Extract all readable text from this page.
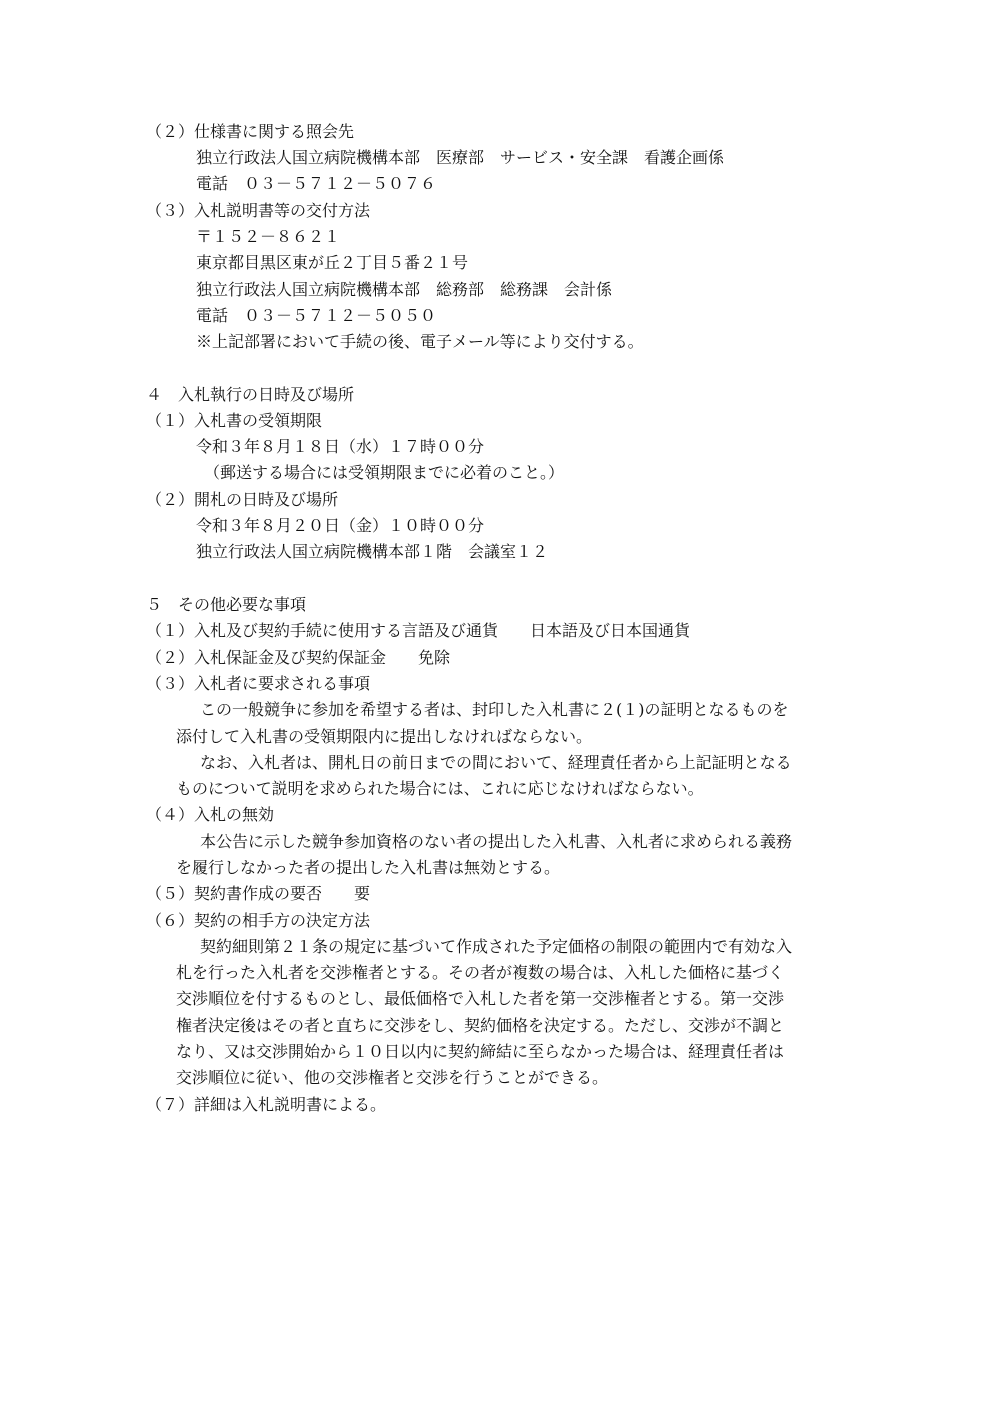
（２）仕様書に関する照会先
独立行政法人国立病院機構本部　医療部　サービス・安全課　看護企画係
電話　０３－５７１２－５０７６
（３）入札説明書等の交付方法
〒１５２－８６２１
東京都目黒区東が丘２丁目５番２１号
独立行政法人国立病院機構本部　総務部　総務課　会計係
電話　０３－５７１２－５０５０
※上記部署において手続の後、電子メール等により交付する。
４　入札執行の日時及び場所
（１）入札書の受領期限
令和３年８月１８日（水）１７時００分
（郵送する場合には受領期限までに必着のこと。）
（２）開札の日時及び場所
令和３年８月２０日（金）１０時００分
独立行政法人国立病院機構本部１階　会議室１２
５　その他必要な事項
（１）入札及び契約手続に使用する言語及び通貨　　日本語及び日本国通貨
（２）入札保証金及び契約保証金　　免除
（３）入札者に要求される事項
この一般競争に参加を希望する者は、封印した入札書に２(１)の証明となるものを
添付して入札書の受領期限内に提出しなければならない。
なお、入札者は、開札日の前日までの間において、経理責任者から上記証明となる
ものについて説明を求められた場合には、これに応じなければならない。
（４）入札の無効
本公告に示した競争参加資格のない者の提出した入札書、入札者に求められる義務
を履行しなかった者の提出した入札書は無効とする。
（５）契約書作成の要否　　要
（６）契約の相手方の決定方法
契約細則第２１条の規定に基づいて作成された予定価格の制限の範囲内で有効な入
札を行った入札者を交渉権者とする。その者が複数の場合は、入札した価格に基づく
交渉順位を付するものとし、最低価格で入札した者を第一交渉権者とする。第一交渉
権者決定後はその者と直ちに交渉をし、契約価格を決定する。ただし、交渉が不調と
なり、又は交渉開始から１０日以内に契約締結に至らなかった場合は、経理責任者は
交渉順位に従い、他の交渉権者と交渉を行うことができる。
（７）詳細は入札説明書による。
